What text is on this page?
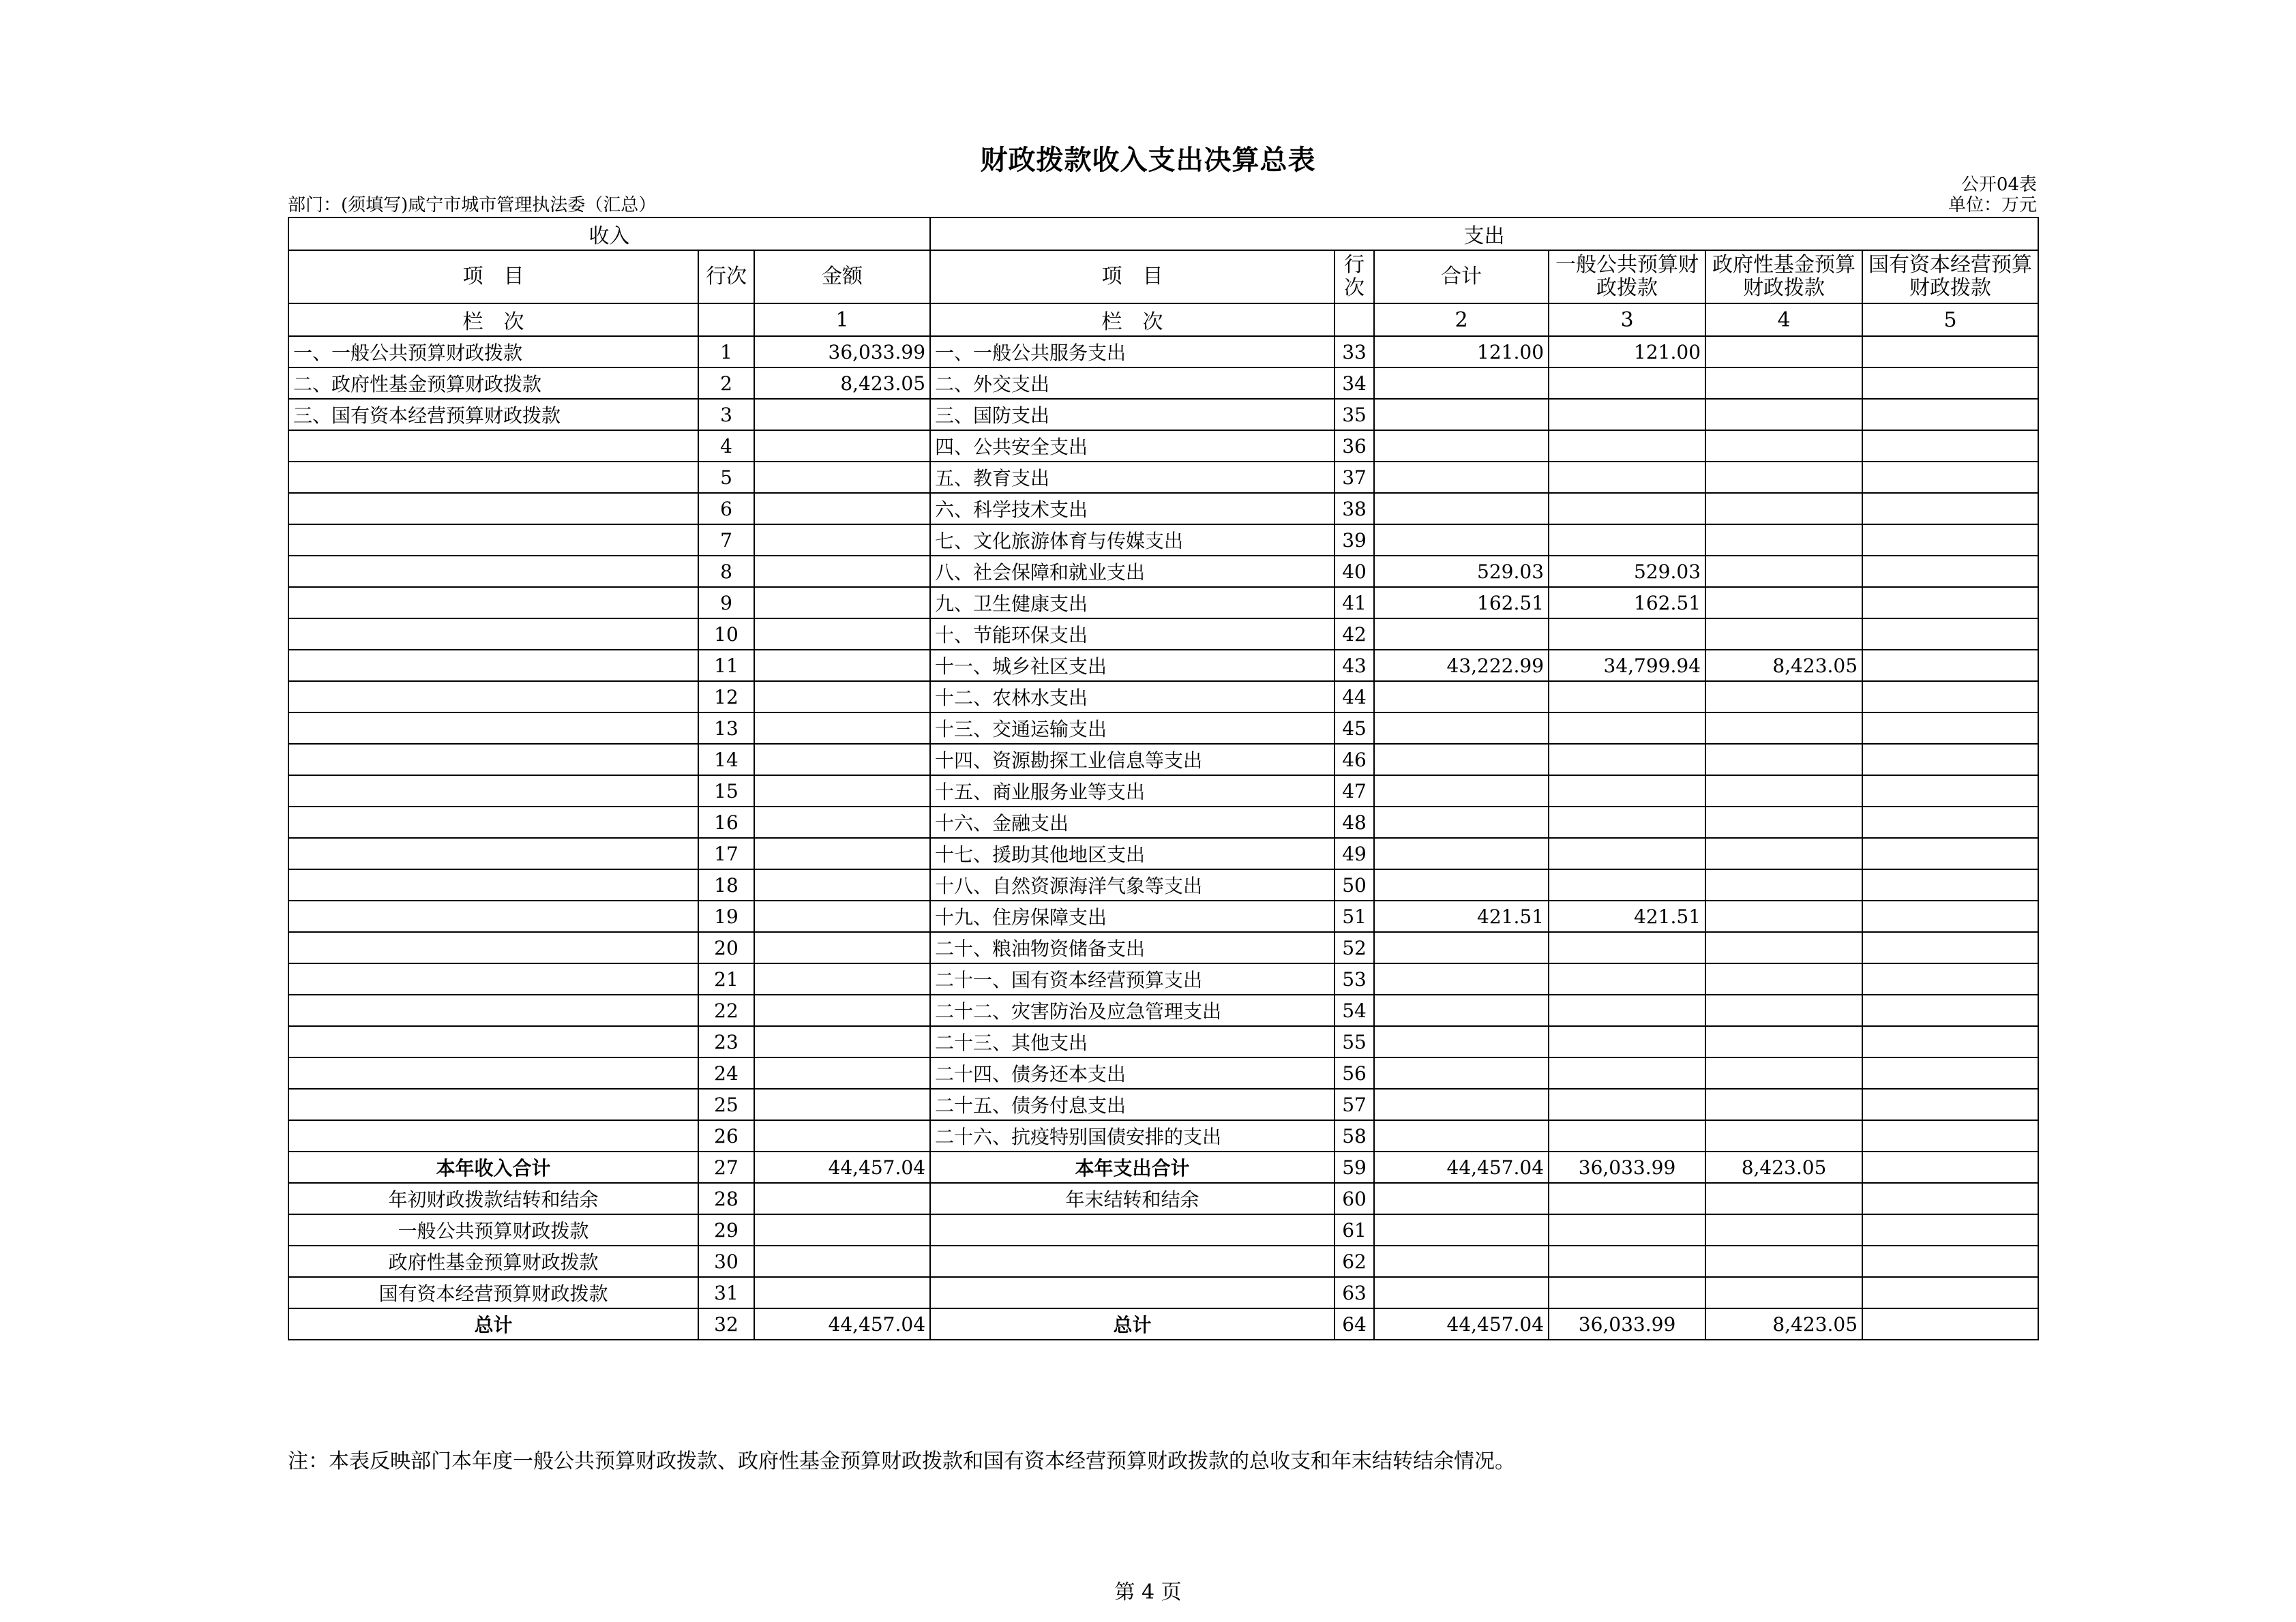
财政拨款收入支出决算总表
公开04表
部门：(须填写)咸宁市城市管理执法委（汇总）	单位：万元
收入			支出					
项　目	行次	金额	项　目	行次	合计	一般公共预算财政拨款	政府性基金预算财政拨款	国有资本经营预算财政拨款
栏　次		1	栏　次		2	3	4	5
一、一般公共预算财政拨款	1	36,033.99	一、一般公共服务支出	33	121.00	121.00		
二、政府性基金预算财政拨款	2	8,423.05	二、外交支出	34				
三、国有资本经营预算财政拨款	3		三、国防支出	35				
	4		四、公共安全支出	36				
	5		五、教育支出	37				
	6		六、科学技术支出	38				
	7		七、文化旅游体育与传媒支出	39				
	8		八、社会保障和就业支出	40	529.03	529.03		
	9		九、卫生健康支出	41	162.51	162.51		
	10		十、节能环保支出	42				
	11		十一、城乡社区支出	43	43,222.99	34,799.94	8,423.05	
	12		十二、农林水支出	44				
	13		十三、交通运输支出	45				
	14		十四、资源勘探工业信息等支出	46				
	15		十五、商业服务业等支出	47				
	16		十六、金融支出	48				
	17		十七、援助其他地区支出	49				
	18		十八、自然资源海洋气象等支出	50				
	19		十九、住房保障支出	51	421.51	421.51		
	20		二十、粮油物资储备支出	52				
	21		二十一、国有资本经营预算支出	53				
	22		二十二、灾害防治及应急管理支出	54				
	23		二十三、其他支出	55				
	24		二十四、债务还本支出	56				
	25		二十五、债务付息支出	57				
	26		二十六、抗疫特别国债安排的支出	58				
本年收入合计	27	44,457.04	本年支出合计	59	44,457.04	36,033.99	8,423.05	
年初财政拨款结转和结余	28		年末结转和结余	60				
一般公共预算财政拨款	29			61				
政府性基金预算财政拨款	30			62				
国有资本经营预算财政拨款	31			63				
总计	32	44,457.04	总计	64	44,457.04	36,033.99	8,423.05	
注：本表反映部门本年度一般公共预算财政拨款、政府性基金预算财政拨款和国有资本经营预算财政拨款的总收支和年末结转结余情况。
第 4 页
